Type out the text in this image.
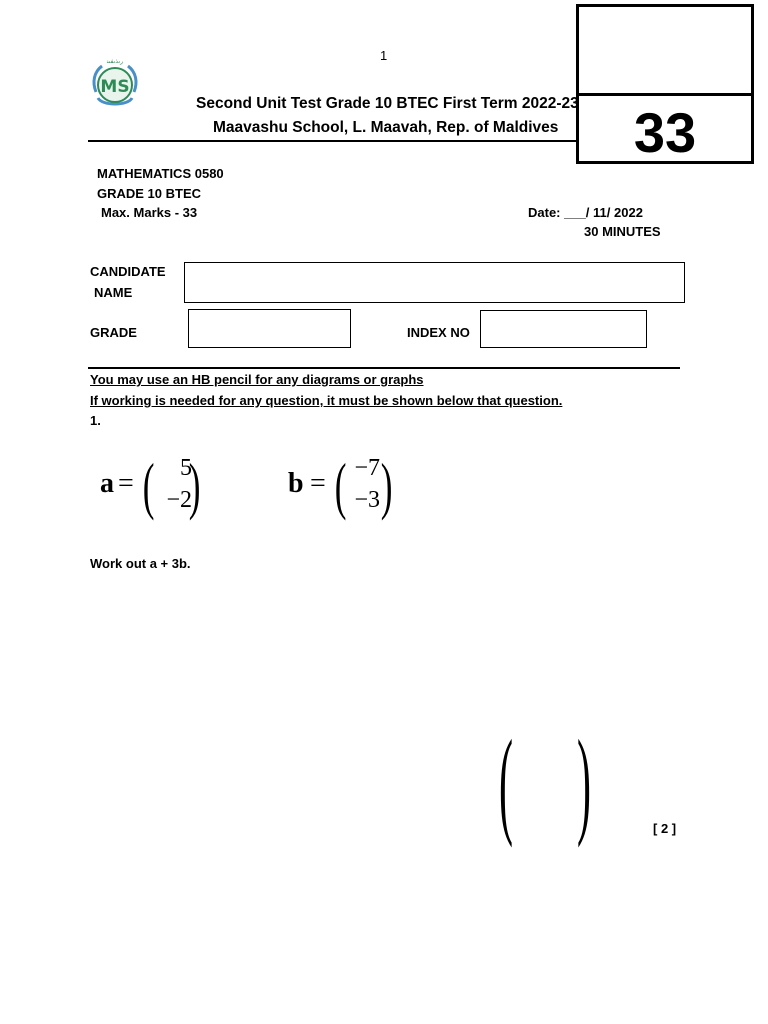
1
ﺭﯨﺬﯨﻔﯩﻨ
MS
Second Unit Test Grade 10 BTEC First Term 2022-23
Maavashu School, L. Maavah, Rep. of Maldives	33
MATHEMATICS 0580
GRADE 10 BTEC
Max. Marks - 33	Date: ___/ 11/ 2022
30 MINUTES
CANDIDATE
NAME
GRADE	INDEX NO
You may use an HB pencil for any diagrams or graphs
If working is needed for any question, it must be shown below that question.
1.
a = (	5
−2
)	b = ( −7
−3 )
Work out a + 3b.
( )	[ 2 ]
